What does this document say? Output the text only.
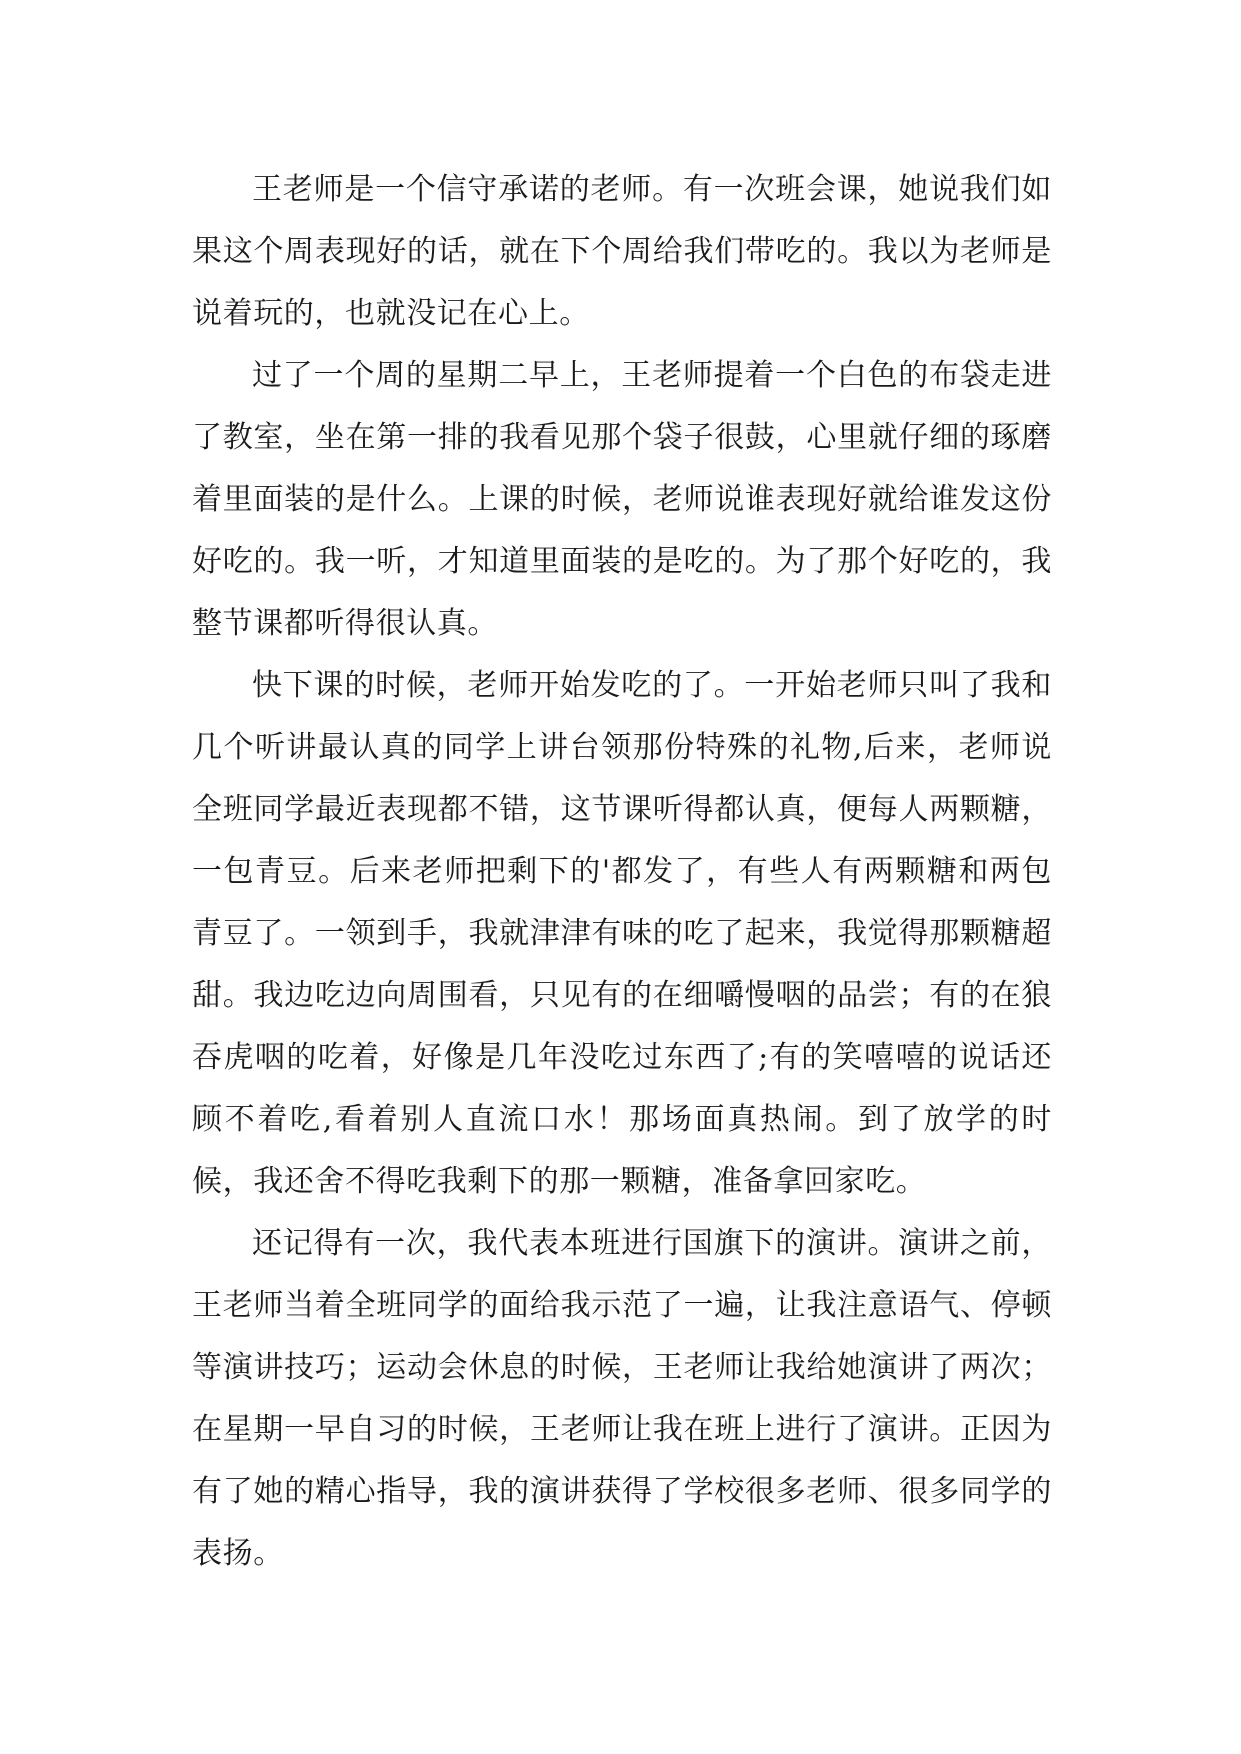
王老师是一个信守承诺的老师。有一次班会课，她说我们如果这个周表现好的话，就在下个周给我们带吃的。我以为老师是说着玩的，也就没记在心上。

过了一个周的星期二早上，王老师提着一个白色的布袋走进了教室，坐在第一排的我看见那个袋子很鼓，心里就仔细的琢磨着里面装的是什么。上课的时候，老师说谁表现好就给谁发这份好吃的。我一听，才知道里面装的是吃的。为了那个好吃的，我整节课都听得很认真。

快下课的时候，老师开始发吃的了。一开始老师只叫了我和几个听讲最认真的同学上讲台领那份特殊的礼物,后来，老师说全班同学最近表现都不错，这节课听得都认真，便每人两颗糖，一包青豆。后来老师把剩下的'都发了，有些人有两颗糖和两包青豆了。一领到手，我就津津有味的吃了起来，我觉得那颗糖超甜。我边吃边向周围看，只见有的在细嚼慢咽的品尝；有的在狼吞虎咽的吃着，好像是几年没吃过东西了;有的笑嘻嘻的说话还顾不着吃,看着别人直流口水！那场面真热闹。到了放学的时候，我还舍不得吃我剩下的那一颗糖，准备拿回家吃。

还记得有一次，我代表本班进行国旗下的演讲。演讲之前，王老师当着全班同学的面给我示范了一遍，让我注意语气、停顿等演讲技巧；运动会休息的时候，王老师让我给她演讲了两次；在星期一早自习的时候，王老师让我在班上进行了演讲。正因为有了她的精心指导，我的演讲获得了学校很多老师、很多同学的表扬。
